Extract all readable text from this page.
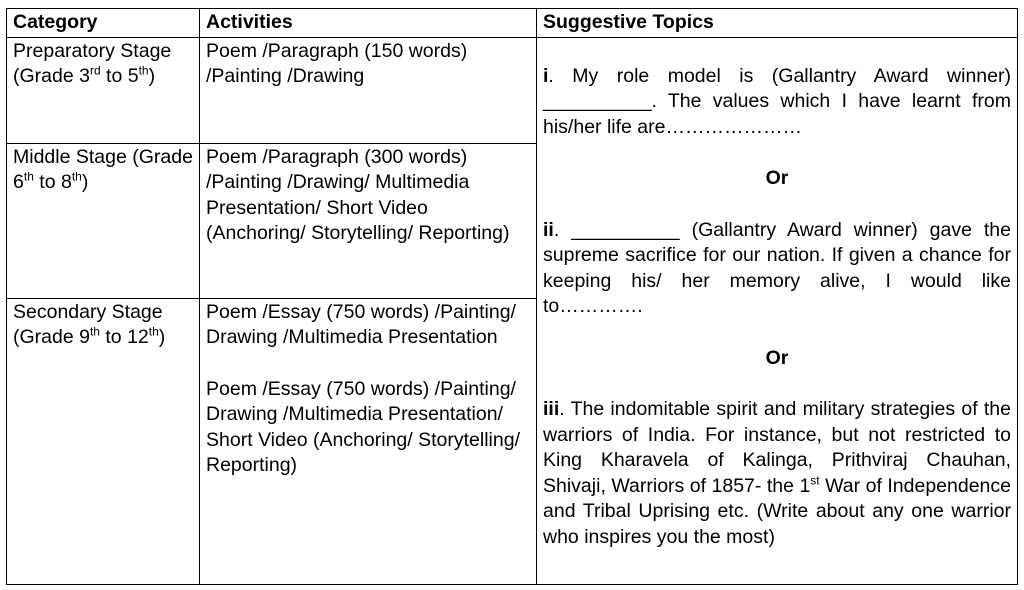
Category	Activities	Suggestive Topics
Preparatory Stage (Grade 3rd to 5th)	Poem /Paragraph (150 words) /Painting /Drawing	i. My role model is (Gallantry Award winner) __________. The values which I have learnt from his/her life are…………………

Or

ii. __________ (Gallantry Award winner) gave the supreme sacrifice for our nation. If given a chance for keeping his/ her memory alive, I would like to………….

Or

iii. The indomitable spirit and military strategies of the warriors of India. For instance, but not restricted to King Kharavela of Kalinga, Prithviraj Chauhan, Shivaji, Warriors of 1857- the 1st War of Independence and Tribal Uprising etc. (Write about any one warrior who inspires you the most)

Middle Stage (Grade 6th to 8th)	Poem /Paragraph (300 words) /Painting /Drawing/ Multimedia Presentation/ Short Video (Anchoring/ Storytelling/ Reporting)	
Secondary Stage (Grade 9th to 12th)	Poem /Essay (750 words) /Painting/ Drawing /Multimedia Presentation
Poem /Essay (750 words) /Painting/ Drawing /Multimedia Presentation/ Short Video (Anchoring/ Storytelling/ Reporting)	
